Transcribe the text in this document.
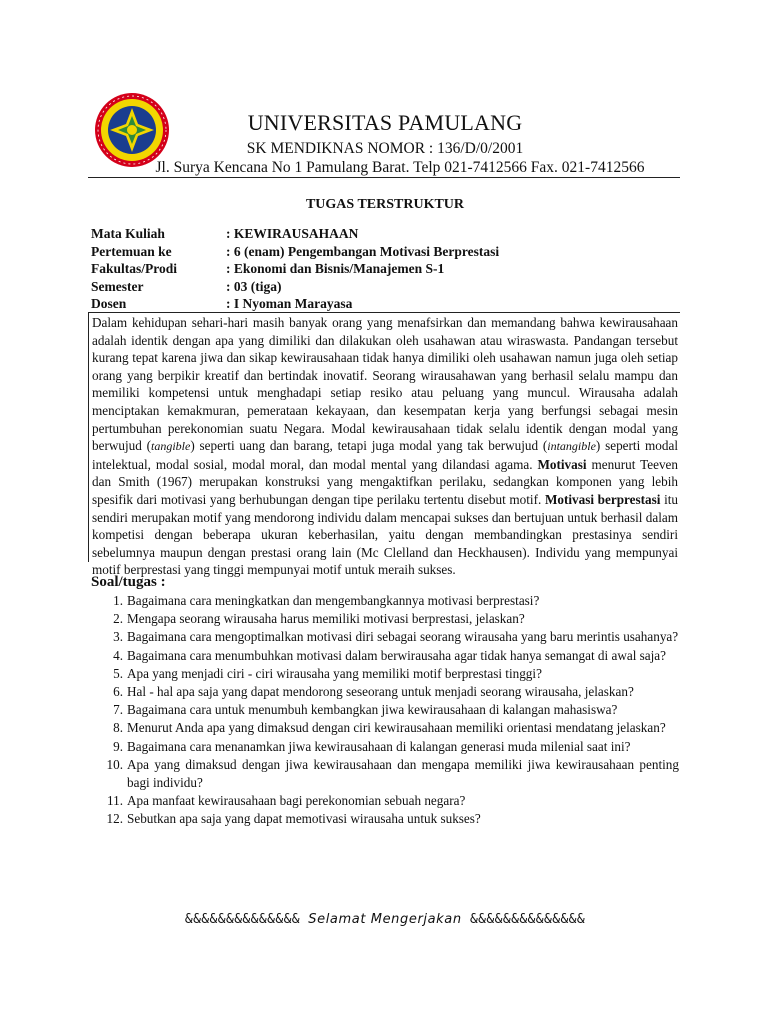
UNIVERSITAS PAMULANG
SK MENDIKNAS NOMOR : 136/D/0/2001
Jl. Surya Kencana No 1 Pamulang Barat. Telp 021-7412566 Fax. 021-7412566
TUGAS TERSTRUKTUR
Mata Kuliah	: KEWIRAUSAHAAN
Pertemuan ke	: 6 (enam) Pengembangan Motivasi Berprestasi
Fakultas/Prodi	: Ekonomi dan Bisnis/Manajemen S-1
Semester	: 03 (tiga)
Dosen	: I Nyoman Marayasa
Dalam kehidupan sehari-hari masih banyak orang yang menafsirkan dan memandang bahwa kewirausahaan adalah identik dengan apa yang dimiliki dan dilakukan oleh usahawan atau wiraswasta. Pandangan tersebut kurang tepat karena jiwa dan sikap kewirausahaan tidak hanya dimiliki oleh usahawan namun juga oleh setiap orang yang berpikir kreatif dan bertindak inovatif. Seorang wirausahawan yang berhasil selalu mampu dan memiliki kompetensi untuk menghadapi setiap resiko atau peluang yang muncul. Wirausaha adalah menciptakan kemakmuran, pemerataan kekayaan, dan kesempatan kerja yang berfungsi sebagai mesin pertumbuhan perekonomian suatu Negara. Modal kewirausahaan tidak selalu identik dengan modal yang berwujud (tangible) seperti uang dan barang, tetapi juga modal yang tak berwujud (intangible) seperti modal intelektual, modal sosial, modal moral, dan modal mental yang dilandasi agama. Motivasi menurut Teeven dan Smith (1967) merupakan konstruksi yang mengaktifkan perilaku, sedangkan komponen yang lebih spesifik dari motivasi yang berhubungan dengan tipe perilaku tertentu disebut motif. Motivasi berprestasi itu sendiri merupakan motif yang mendorong individu dalam mencapai sukses dan bertujuan untuk berhasil dalam kompetisi dengan beberapa ukuran keberhasilan, yaitu dengan membandingkan prestasinya sendiri sebelumnya maupun dengan prestasi orang lain (Mc Clelland dan Heckhausen). Individu yang mempunyai motif berprestasi yang tinggi mempunyai motif untuk meraih sukses.
Soal/tugas :
1. Bagaimana cara meningkatkan dan mengembangkannya motivasi berprestasi?
2. Mengapa seorang wirausaha harus memiliki motivasi berprestasi, jelaskan?
3. Bagaimana cara mengoptimalkan motivasi diri sebagai seorang wirausaha yang baru merintis usahanya?
4. Bagaimana cara menumbuhkan motivasi dalam berwirausaha agar tidak hanya semangat di awal saja?
5. Apa yang menjadi ciri - ciri wirausaha yang memiliki motif berprestasi tinggi?
6. Hal - hal apa saja yang dapat mendorong seseorang untuk menjadi seorang wirausaha, jelaskan?
7. Bagaimana cara untuk menumbuh kembangkan jiwa kewirausahaan di kalangan mahasiswa?
8. Menurut Anda apa yang dimaksud dengan ciri kewirausahaan memiliki orientasi mendatang jelaskan?
9. Bagaimana cara menanamkan jiwa kewirausahaan di kalangan generasi muda milenial saat ini?
10. Apa yang dimaksud dengan jiwa kewirausahaan dan mengapa memiliki jiwa kewirausahaan penting bagi individu?
11. Apa manfaat kewirausahaan bagi perekonomian sebuah negara?
12. Sebutkan apa saja yang dapat memotivasi wirausaha untuk sukses?
&&&&&&&&&&&&&& Selamat Mengerjakan &&&&&&&&&&&&&&
